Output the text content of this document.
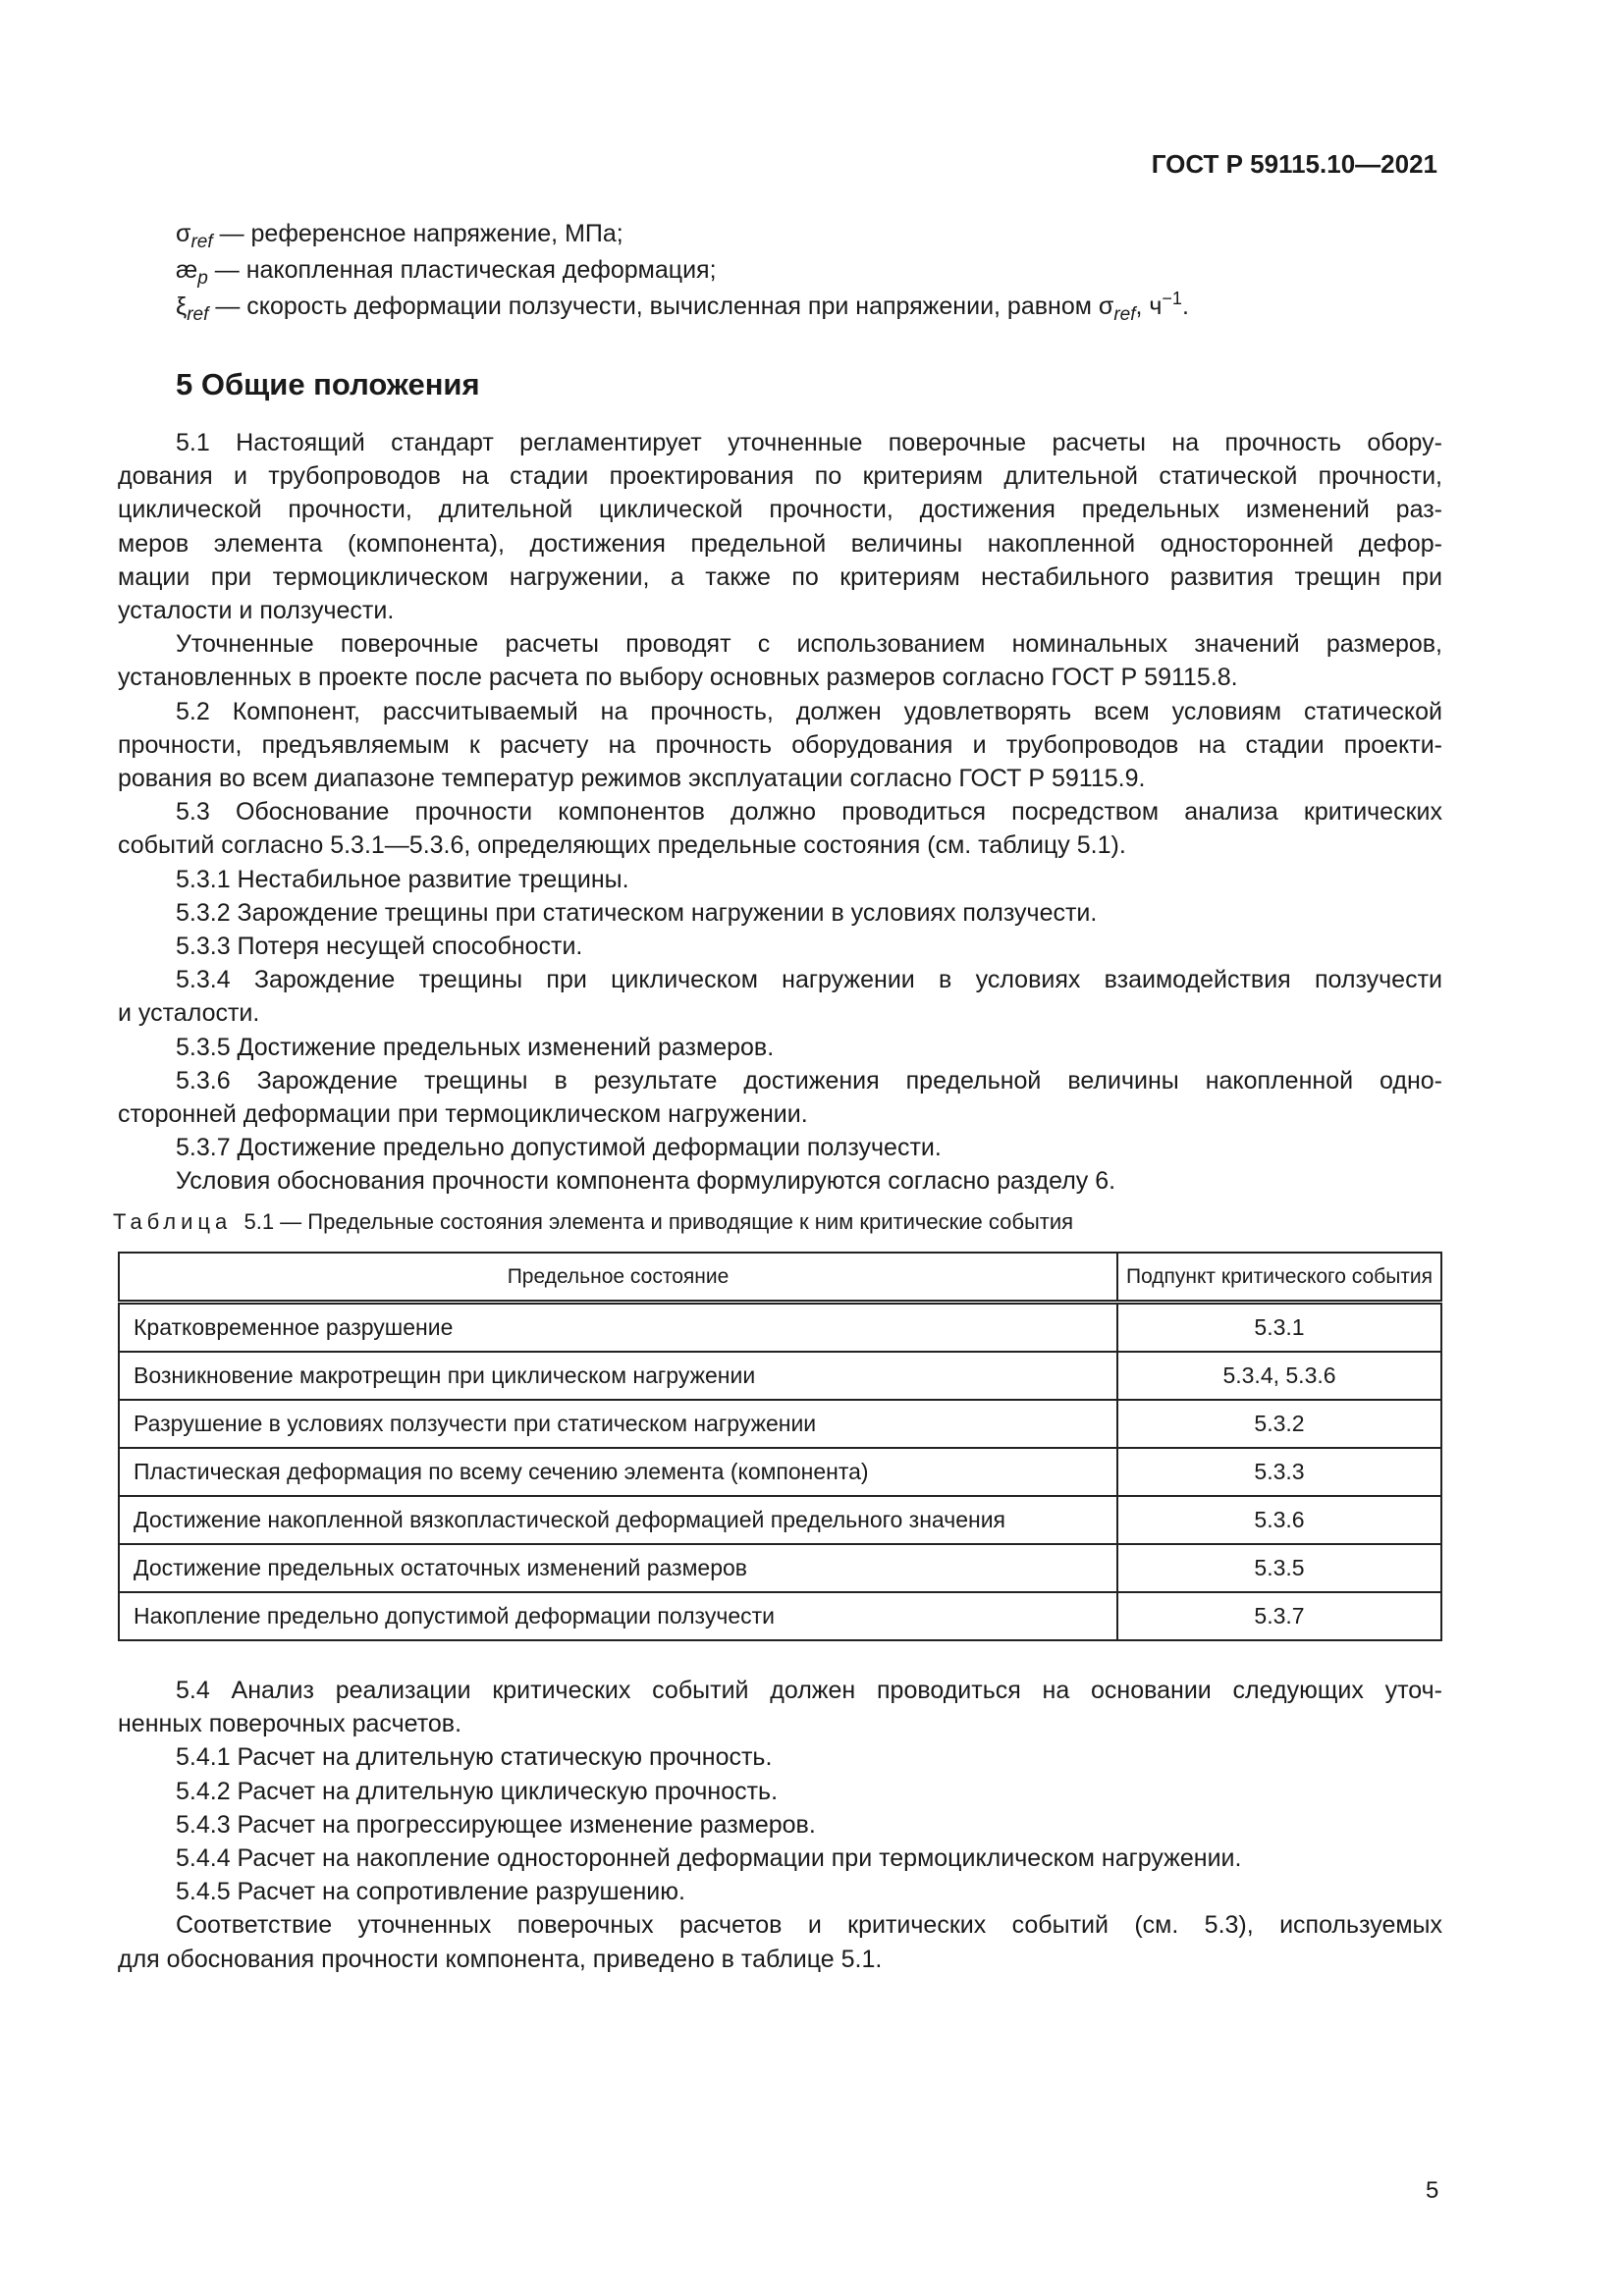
ГОСТ Р 59115.10—2021
$\sigma_{ref}$ — референсное напряжение, МПа;
$æ_p$ — накопленная пластическая деформация;
$\xi_{ref}$ — скорость деформации ползучести, вычисленная при напряжении, равном $\sigma_{ref}$, $ч^{-1}$.
5 Общие положения
5.1 Настоящий стандарт регламентирует уточненные поверочные расчеты на прочность обору-
дования и трубопроводов на стадии проектирования по критериям длительной статической прочности,
циклической прочности, длительной циклической прочности, достижения предельных изменений раз-
меров элемента (компонента), достижения предельной величины накопленной односторонней дефор-
мации при термоциклическом нагружении, а также по критериям нестабильного развития трещин при
усталости и ползучести.
Уточненные поверочные расчеты проводят с использованием номинальных значений размеров,
установленных в проекте после расчета по выбору основных размеров согласно ГОСТ Р 59115.8.
5.2 Компонент, рассчитываемый на прочность, должен удовлетворять всем условиям статической
прочности, предъявляемым к расчету на прочность оборудования и трубопроводов на стадии проекти-
рования во всем диапазоне температур режимов эксплуатации согласно ГОСТ Р 59115.9.
5.3 Обоснование прочности компонентов должно проводиться посредством анализа критических
событий согласно 5.3.1—5.3.6, определяющих предельные состояния (см. таблицу 5.1).
5.3.1 Нестабильное развитие трещины.
5.3.2 Зарождение трещины при статическом нагружении в условиях ползучести.
5.3.3 Потеря несущей способности.
5.3.4 Зарождение трещины при циклическом нагружении в условиях взаимодействия ползучести
и усталости.
5.3.5 Достижение предельных изменений размеров.
5.3.6 Зарождение трещины в результате достижения предельной величины накопленной одно-
сторонней деформации при термоциклическом нагружении.
5.3.7 Достижение предельно допустимой деформации ползучести.
Условия обоснования прочности компонента формулируются согласно разделу 6.
Таблица  5.1 — Предельные состояния элемента и приводящие к ним критические события
Предельное состояние	Подпункт критического события
Кратковременное разрушение	5.3.1
Возникновение макротрещин при циклическом нагружении	5.3.4, 5.3.6
Разрушение в условиях ползучести при статическом нагружении	5.3.2
Пластическая деформация по всему сечению элемента (компонента)	5.3.3
Достижение накопленной вязкопластической деформацией предельного значения	5.3.6
Достижение предельных остаточных изменений размеров	5.3.5
Накопление предельно допустимой деформации ползучести	5.3.7
5.4 Анализ реализации критических событий должен проводиться на основании следующих уточ-
ненных поверочных расчетов.
5.4.1 Расчет на длительную статическую прочность.
5.4.2 Расчет на длительную циклическую прочность.
5.4.3 Расчет на прогрессирующее изменение размеров.
5.4.4 Расчет на накопление односторонней деформации при термоциклическом нагружении.
5.4.5 Расчет на сопротивление разрушению.
Соответствие уточненных поверочных расчетов и критических событий (см. 5.3), используемых
для обоснования прочности компонента, приведено в таблице 5.1.
5
